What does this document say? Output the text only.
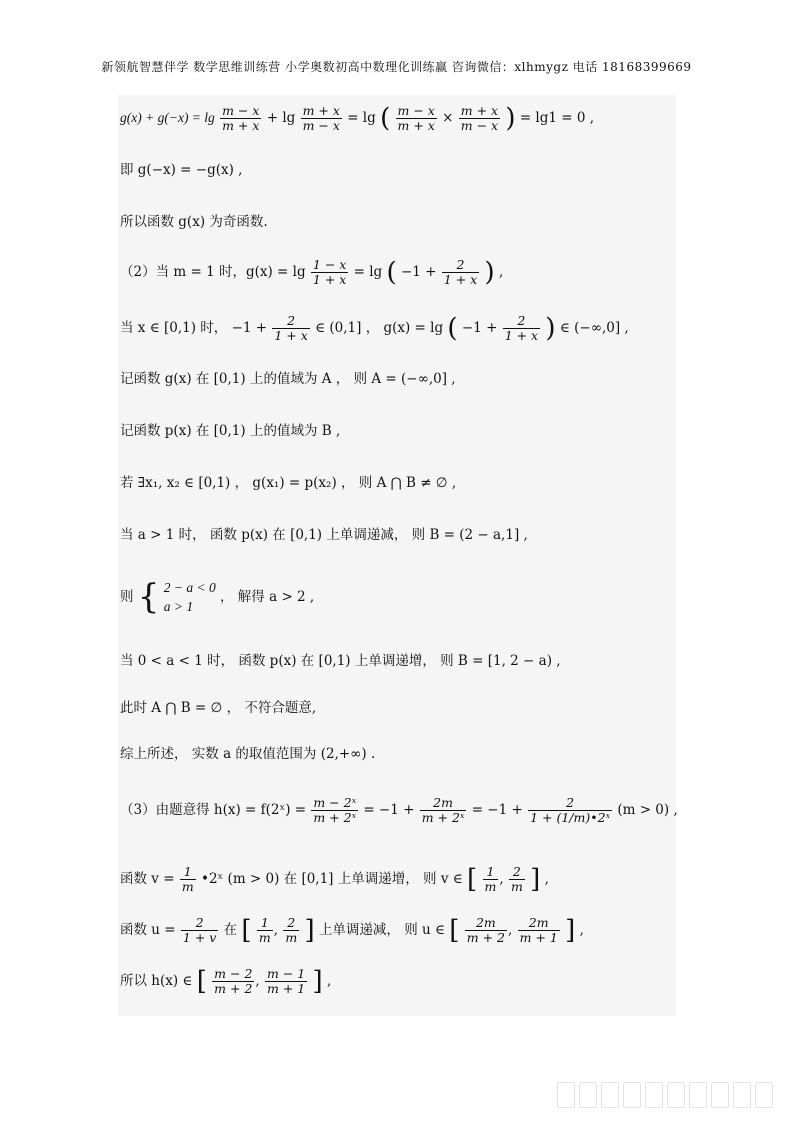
新领航智慧伴学 数学思维训练营 小学奥数初高中数理化训练赢 咨询微信：xlhmygz 电话 18168399669
$g(x) + g(-x) = \lg \frac{m - x}{m + x} + \lg \frac{m + x}{m - x} = \lg$ ( $\frac{m - x}{m + x} \times \frac{m + x}{m - x}$ ) = lg1 = 0 ,
即 g(−x) = −g(x) ,
所以函数 g(x) 为奇函数.
（2）当 m = 1 时，$g(x) = \lg \frac{1 - x}{1 + x} = \lg$ ( $-1 + \frac{2}{1 + x}$ ) ,
当 x ∈ [0,1) 时， $-1 + \frac{2}{1 + x}$ ∈ (0,1] ， g(x) = lg ( $-1 + \frac{2}{1 + x}$ ) ∈ (−∞,0] ,
记函数 g(x) 在 [0,1) 上的值域为 A ， 则 A = (−∞,0] ,
记函数 p(x) 在 [0,1) 上的值域为 B ,
若 ∃x₁, x₂ ∈ [0,1) ， g(x₁) = p(x₂) ， 则 A ⋂ B ≠ ∅ ,
当 a > 1 时， 函数 p(x) 在 [0,1) 上单调递减， 则 B = (2 − a,1] ,
则 { 2 − a < 0
a > 1
， 解得 a > 2 ,
当 0 < a < 1 时， 函数 p(x) 在 [0,1) 上单调递增， 则 B = [1, 2 − a) ,
此时 A ⋂ B = ∅ ， 不符合题意,
综上所述， 实数 a 的取值范围为 (2,+∞) .
（3）由题意得 h(x) = f(2ˣ) = $\frac{\text{m − 2ˣ}}{\text{m + 2ˣ}} = -1 + \frac{2m}{\text{m + 2ˣ}} = -1 + \frac{2}{\text{1 + (1/m)•2ˣ}} (m > 0)$ ,
函数 $v = \frac{1}{m}$ •2ˣ (m > 0) 在 [0,1] 上单调递增， 则 v ∈ [ $\frac{1}{m}$ , $\frac{2}{m}$ ] ,
函数 $u = \frac{2}{1 + v}$ 在 [ $\frac{1}{m}$ , $\frac{2}{m}$ ] 上单调递减， 则 u ∈ [ $\frac{2m}{m + 2}$ , $\frac{2m}{m + 1}$ ] ,
所以 h(x) ∈ [ $\frac{m - 2}{m + 2}$ , $\frac{m - 1}{m + 1}$ ] ,
